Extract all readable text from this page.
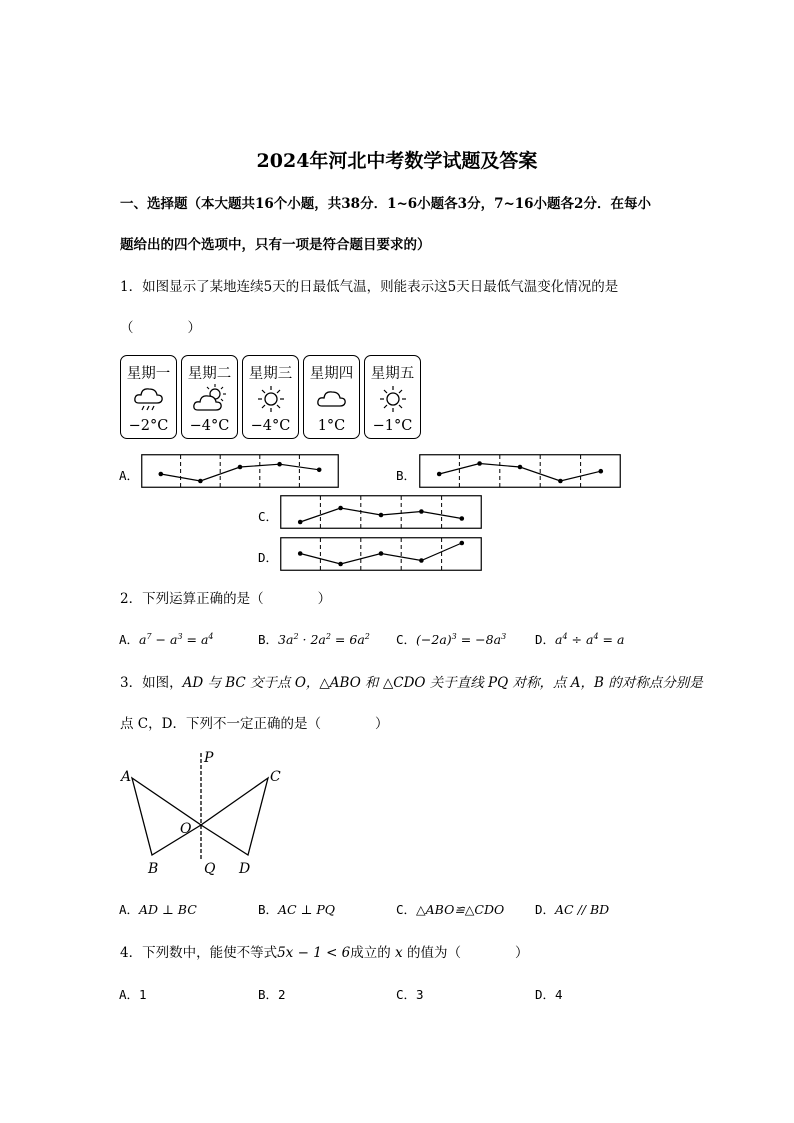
2024年河北中考数学试题及答案
一、选择题（本大题共16个小题，共38分．1~6小题各3分，7~16小题各2分．在每小
题给出的四个选项中，只有一项是符合题目要求的）
1．如图显示了某地连续5天的日最低气温，则能表示这5天日最低气温变化情况的是
（　　　　）
星期一
−2°C
星期二
−4°C
星期三
−4°C
星期四
1°C
星期五
−1°C
A．	B．
C．
D．
2．下列运算正确的是（　　　　）
A．$a^7 - a^3 = a^4$	B．$3a^2 \cdot 2a^2 = 6a^2$ C．$(-2a)^3 = -8a^3$ D．$a^4 \div a^4 = a$
3．如图，AD 与 BC 交于点 O，△ABO 和 △CDO 关于直线 PQ 对称，点 A，B 的对称点分别是
点 C，D．下列不一定正确的是（　　　　）
P
A	C
O
B	Q D
A．AD ⊥ BC	B．AC ⊥ PQ	C．△ABO≌△CDO D．AC // BD
4．下列数中，能使不等式5x − 1 < 6成立的 x 的值为（　　　　）
A．1	B．2	C．3	D．4
